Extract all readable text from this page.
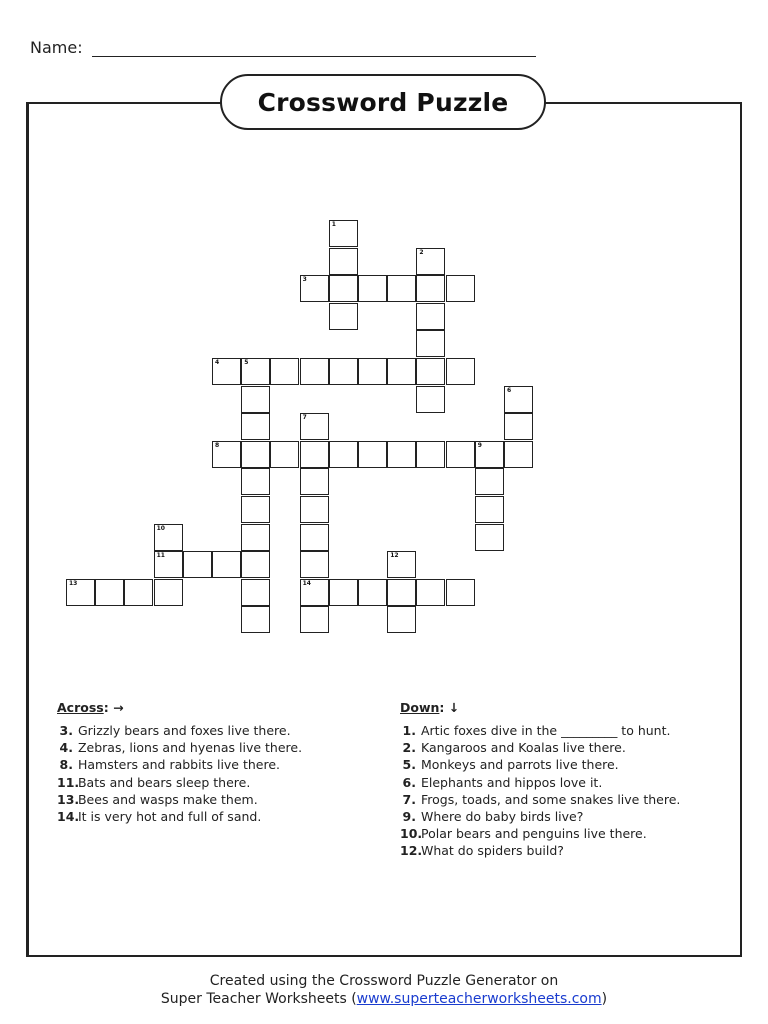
Name:
Crossword Puzzle
1
2
3
4	5
6
7
8	9
10
11	12
13	14
Across: →
3. Grizzly bears and foxes live there.
4. Zebras, lions and hyenas live there.
8. Hamsters and rabbits live there.
11. Bats and bears sleep there.
13. Bees and wasps make them.
14. It is very hot and full of sand.
Down: ↓
1. Artic foxes dive in the _________ to hunt.
2. Kangaroos and Koalas live there.
5. Monkeys and parrots live there.
6. Elephants and hippos love it.
7. Frogs, toads, and some snakes live there.
9. Where do baby birds live?
10. Polar bears and penguins live there.
12. What do spiders build?
Created using the Crossword Puzzle Generator on
Super Teacher Worksheets (www.superteacherworksheets.com)
